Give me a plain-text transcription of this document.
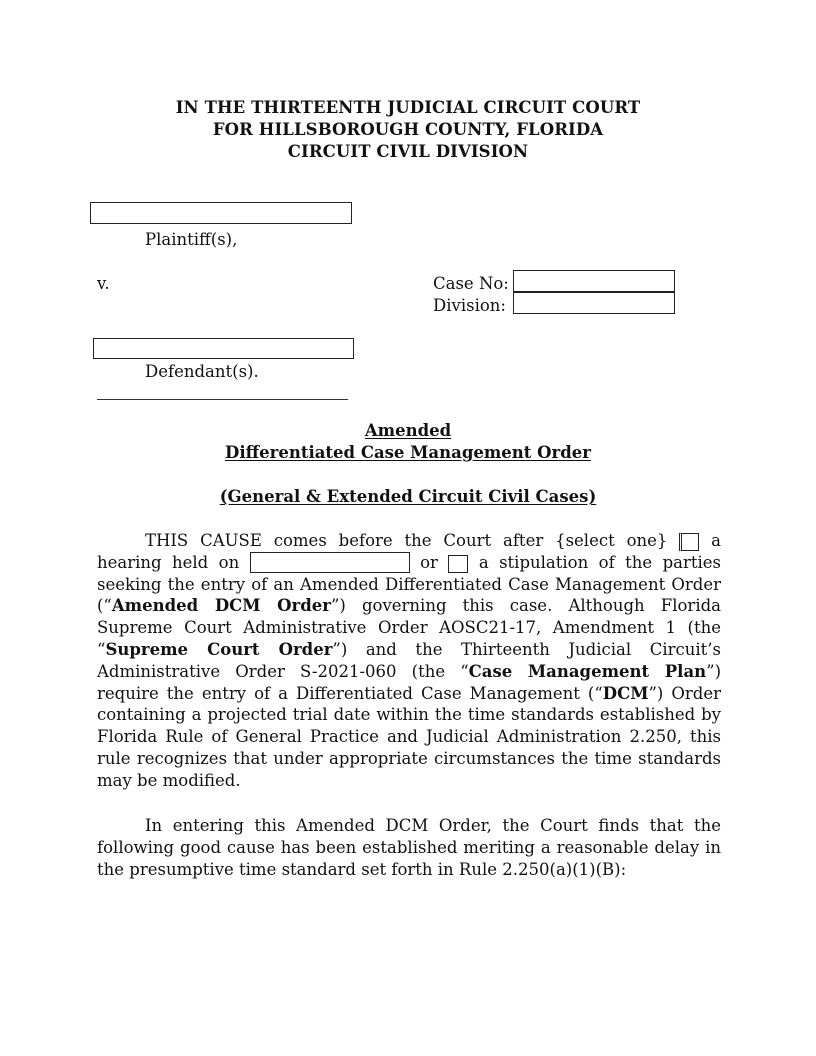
IN THE THIRTEENTH JUDICIAL CIRCUIT COURT
FOR HILLSBOROUGH COUNTY, FLORIDA
CIRCUIT CIVIL DIVISION
Plaintiff(s),
v.	Case No:
Division:
Defendant(s).
Amended
Differentiated Case Management Order
(General & Extended Circuit Civil Cases)
THIS CAUSE comes before the Court after {select one}	a hearing held on	or a stipulation of the parties seeking the entry of an Amended Differentiated Case Management Order (“Amended DCM Order”) governing this case. Although Florida Supreme Court Administrative Order AOSC21-17, Amendment 1 (the “Supreme Court Order”) and the Thirteenth Judicial Circuit’s Administrative Order S-2021-060 (the “Case Management Plan”) require the entry of a Differentiated Case Management (“DCM”) Order containing a projected trial date within the time standards established by Florida Rule of General Practice and Judicial Administration 2.250, this rule recognizes that under appropriate circumstances the time standards may be modified.
In entering this Amended DCM Order, the Court finds that the following good cause has been established meriting a reasonable delay in the presumptive time standard set forth in Rule 2.250(a)(1)(B):
